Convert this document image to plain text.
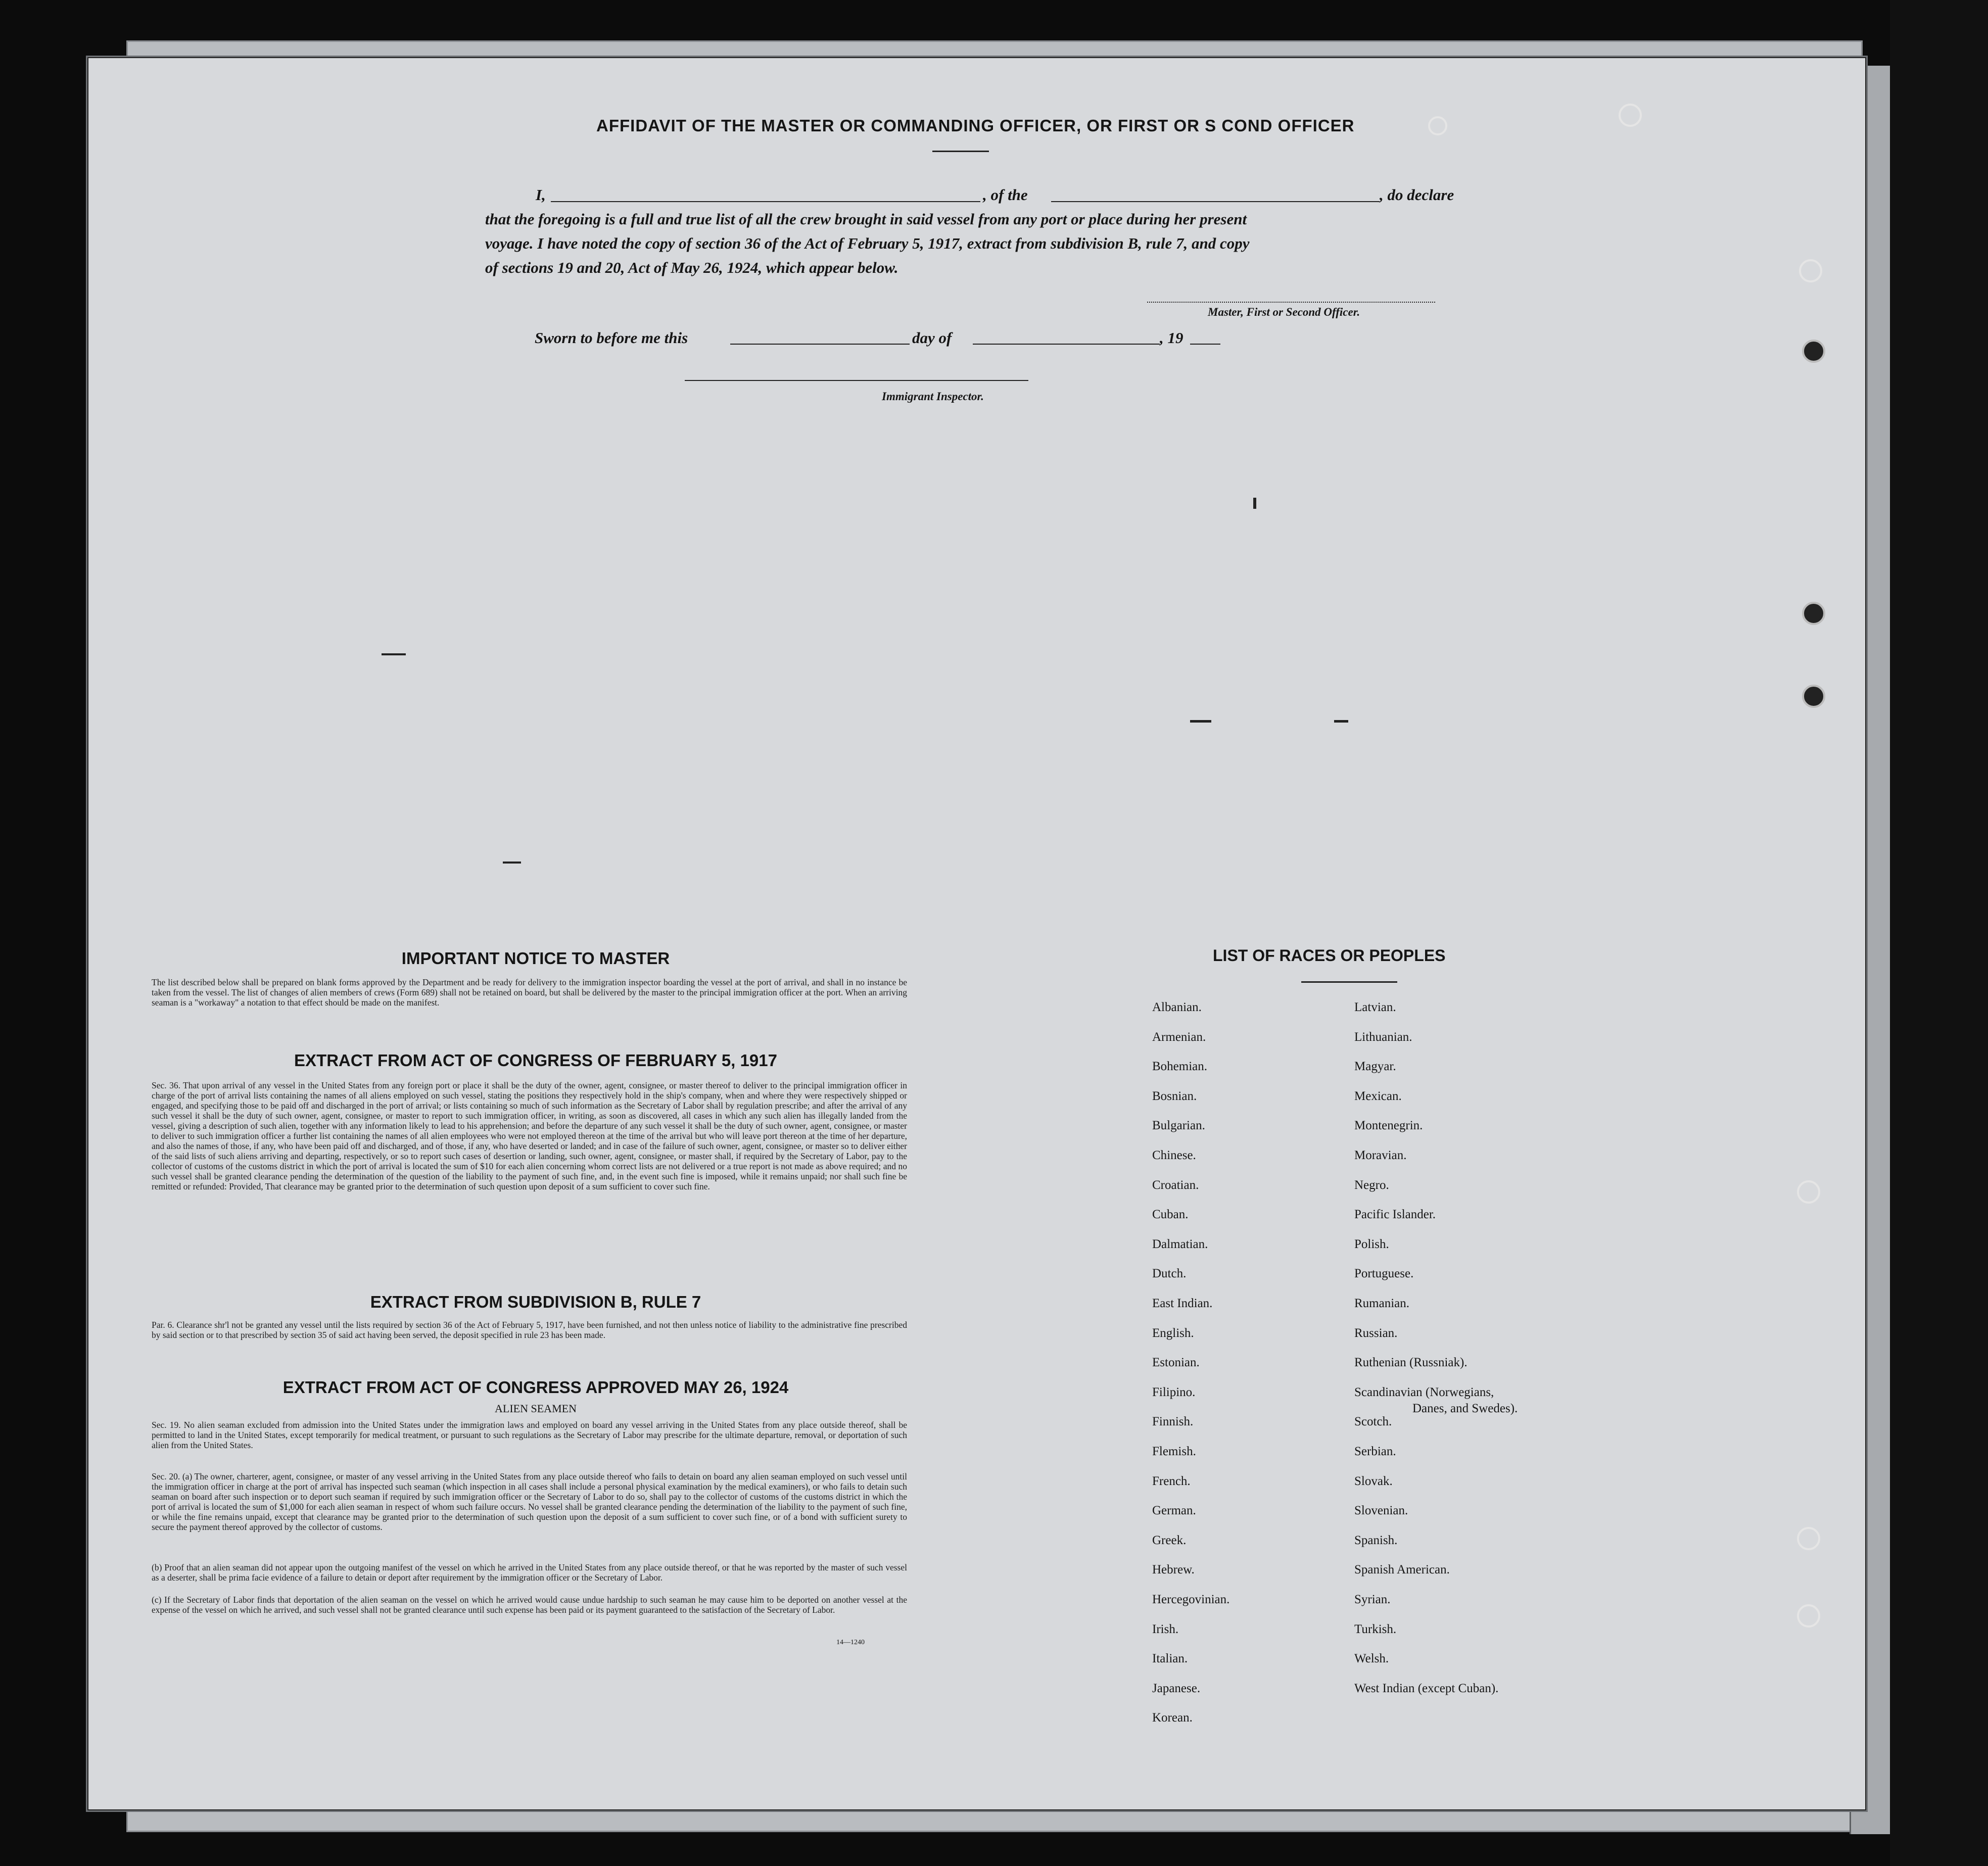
AFFIDAVIT OF THE MASTER OR COMMANDING OFFICER, OR FIRST OR S COND OFFICER
I,	, of the	, do declare
that the foregoing is a full and true list of all the crew brought in said vessel from any port or place during her present
voyage. I have noted the copy of section 36 of the Act of February 5, 1917, extract from subdivision B, rule 7, and copy
of sections 19 and 20, Act of May 26, 1924, which appear below.
Master, First or Second Officer.
Sworn to before me this	day of	, 19
Immigrant Inspector.
IMPORTANT NOTICE TO MASTER
The list described below shall be prepared on blank forms approved by the Department and be ready for delivery to the immigration inspector boarding the vessel at the port of arrival, and shall in no instance be taken from the vessel. The list of changes of alien members of crews (Form 689) shall not be retained on board, but shall be delivered by the master to the principal immigration officer at the port. When an arriving seaman is a "workaway" a notation to that effect should be made on the manifest.
EXTRACT FROM ACT OF CONGRESS OF FEBRUARY 5, 1917
Sec. 36. That upon arrival of any vessel in the United States from any foreign port or place it shall be the duty of the owner, agent, consignee, or master thereof to deliver to the principal immigration officer in charge of the port of arrival lists containing the names of all aliens employed on such vessel, stating the positions they respectively hold in the ship's company, when and where they were respectively shipped or engaged, and specifying those to be paid off and discharged in the port of arrival; or lists containing so much of such information as the Secretary of Labor shall by regulation prescribe; and after the arrival of any such vessel it shall be the duty of such owner, agent, consignee, or master to report to such immigration officer, in writing, as soon as discovered, all cases in which any such alien has illegally landed from the vessel, giving a description of such alien, together with any information likely to lead to his apprehension; and before the departure of any such vessel it shall be the duty of such owner, agent, consignee, or master to deliver to such immigration officer a further list containing the names of all alien employees who were not employed thereon at the time of the arrival but who will leave port thereon at the time of her departure, and also the names of those, if any, who have been paid off and discharged, and of those, if any, who have deserted or landed; and in case of the failure of such owner, agent, consignee, or master so to deliver either of the said lists of such aliens arriving and departing, respectively, or so to report such cases of desertion or landing, such owner, agent, consignee, or master shall, if required by the Secretary of Labor, pay to the collector of customs of the customs district in which the port of arrival is located the sum of $10 for each alien concerning whom correct lists are not delivered or a true report is not made as above required; and no such vessel shall be granted clearance pending the determination of the question of the liability to the payment of such fine, and, in the event such fine is imposed, while it remains unpaid; nor shall such fine be remitted or refunded: Provided, That clearance may be granted prior to the determination of such question upon deposit of a sum sufficient to cover such fine.
EXTRACT FROM SUBDIVISION B, RULE 7
Par. 6. Clearance shr'l not be granted any vessel until the lists required by section 36 of the Act of February 5, 1917, have been furnished, and not then unless notice of liability to the administrative fine prescribed by said section or to that prescribed by section 35 of said act having been served, the deposit specified in rule 23 has been made.
EXTRACT FROM ACT OF CONGRESS APPROVED MAY 26, 1924
ALIEN SEAMEN
Sec. 19. No alien seaman excluded from admission into the United States under the immigration laws and employed on board any vessel arriving in the United States from any place outside thereof, shall be permitted to land in the United States, except temporarily for medical treatment, or pursuant to such regulations as the Secretary of Labor may prescribe for the ultimate departure, removal, or deportation of such alien from the United States.
Sec. 20. (a) The owner, charterer, agent, consignee, or master of any vessel arriving in the United States from any place outside thereof who fails to detain on board any alien seaman employed on such vessel until the immigration officer in charge at the port of arrival has inspected such seaman (which inspection in all cases shall include a personal physical examination by the medical examiners), or who fails to detain such seaman on board after such inspection or to deport such seaman if required by such immigration officer or the Secretary of Labor to do so, shall pay to the collector of customs of the customs district in which the port of arrival is located the sum of $1,000 for each alien seaman in respect of whom such failure occurs. No vessel shall be granted clearance pending the determination of the liability to the payment of such fine, or while the fine remains unpaid, except that clearance may be granted prior to the determination of such question upon the deposit of a sum sufficient to cover such fine, or of a bond with sufficient surety to secure the payment thereof approved by the collector of customs.
(b) Proof that an alien seaman did not appear upon the outgoing manifest of the vessel on which he arrived in the United States from any place outside thereof, or that he was reported by the master of such vessel as a deserter, shall be prima facie evidence of a failure to detain or deport after requirement by the immigration officer or the Secretary of Labor.
(c) If the Secretary of Labor finds that deportation of the alien seaman on the vessel on which he arrived would cause undue hardship to such seaman he may cause him to be deported on another vessel at the expense of the vessel on which he arrived, and such vessel shall not be granted clearance until such expense has been paid or its payment guaranteed to the satisfaction of the Secretary of Labor.
14—1240
LIST OF RACES OR PEOPLES
Albanian.
Armenian.
Bohemian.
Bosnian.
Bulgarian.
Chinese.
Croatian.
Cuban.
Dalmatian.
Dutch.
East Indian.
English.
Estonian.
Filipino.
Finnish.
Flemish.
French.
German.
Greek.
Hebrew.
Hercegovinian.
Irish.
Italian.
Japanese.
Korean.
Latvian.
Lithuanian.
Magyar.
Mexican.
Montenegrin.
Moravian.
Negro.
Pacific Islander.
Polish.
Portuguese.
Rumanian.
Russian.
Ruthenian (Russniak).
Scandinavian (Norwegians,
Danes, and Swedes).
Scotch.
Serbian.
Slovak.
Slovenian.
Spanish.
Spanish American.
Syrian.
Turkish.
Welsh.
West Indian (except Cuban).
